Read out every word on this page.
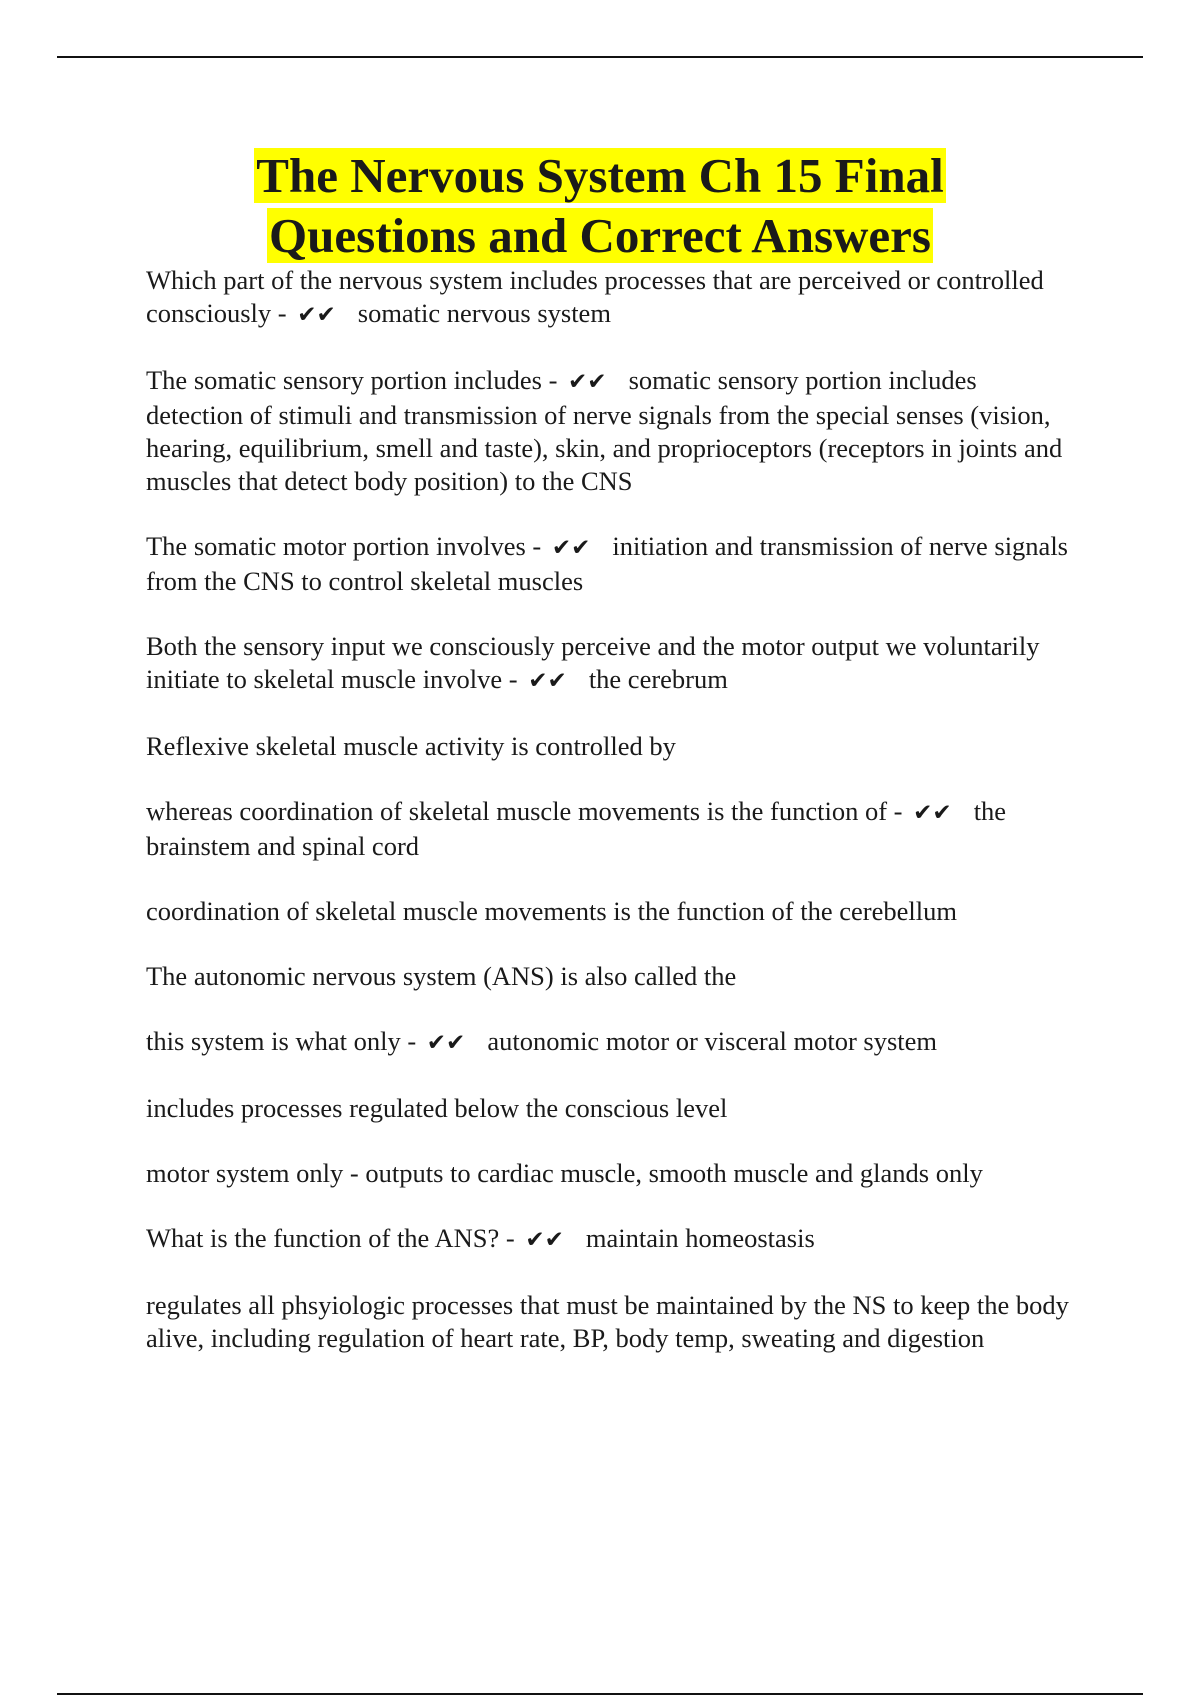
The Nervous System Ch 15 Final
Questions and Correct Answers

Which part of the nervous system includes processes that are perceived or controlled consciously - ✔✔ somatic nervous system

The somatic sensory portion includes - ✔✔ somatic sensory portion includes detection of stimuli and transmission of nerve signals from the special senses (vision, hearing, equilibrium, smell and taste), skin, and proprioceptors (receptors in joints and muscles that detect body position) to the CNS

The somatic motor portion involves - ✔✔ initiation and transmission of nerve signals from the CNS to control skeletal muscles

Both the sensory input we consciously perceive and the motor output we voluntarily initiate to skeletal muscle involve - ✔✔ the cerebrum

Reflexive skeletal muscle activity is controlled by

whereas coordination of skeletal muscle movements is the function of - ✔✔ the brainstem and spinal cord

coordination of skeletal muscle movements is the function of the cerebellum

The autonomic nervous system (ANS) is also called the

this system is what only - ✔✔ autonomic motor or visceral motor system

includes processes regulated below the conscious level

motor system only - outputs to cardiac muscle, smooth muscle and glands only

What is the function of the ANS? - ✔✔ maintain homeostasis

regulates all phsyiologic processes that must be maintained by the NS to keep the body alive, including regulation of heart rate, BP, body temp, sweating and digestion
